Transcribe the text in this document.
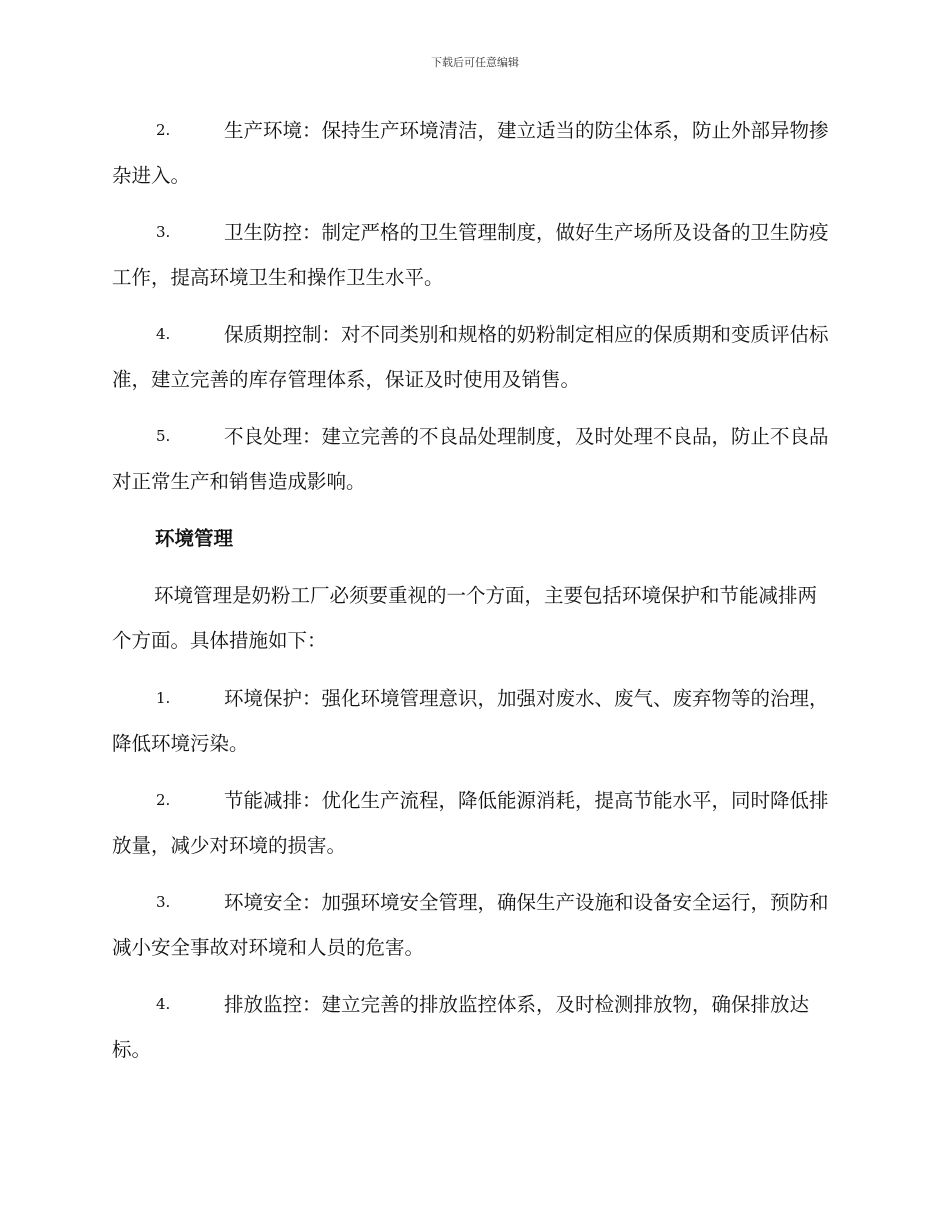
下载后可任意编辑
2.	生产环境：保持生产环境清洁，建立适当的防尘体系，防止外部异物掺杂进入。
3.	卫生防控：制定严格的卫生管理制度，做好生产场所及设备的卫生防疫工作，提高环境卫生和操作卫生水平。
4.	保质期控制：对不同类别和规格的奶粉制定相应的保质期和变质评估标准，建立完善的库存管理体系，保证及时使用及销售。
5.	不良处理：建立完善的不良品处理制度，及时处理不良品，防止不良品对正常生产和销售造成影响。
环境管理
环境管理是奶粉工厂必须要重视的一个方面，主要包括环境保护和节能减排两个方面。具体措施如下：
1.	环境保护：强化环境管理意识，加强对废水、废气、废弃物等的治理，降低环境污染。
2.	节能减排：优化生产流程，降低能源消耗，提高节能水平，同时降低排放量，减少对环境的损害。
3.	环境安全：加强环境安全管理，确保生产设施和设备安全运行，预防和减小安全事故对环境和人员的危害。
4.	排放监控：建立完善的排放监控体系，及时检测排放物，确保排放达标。
